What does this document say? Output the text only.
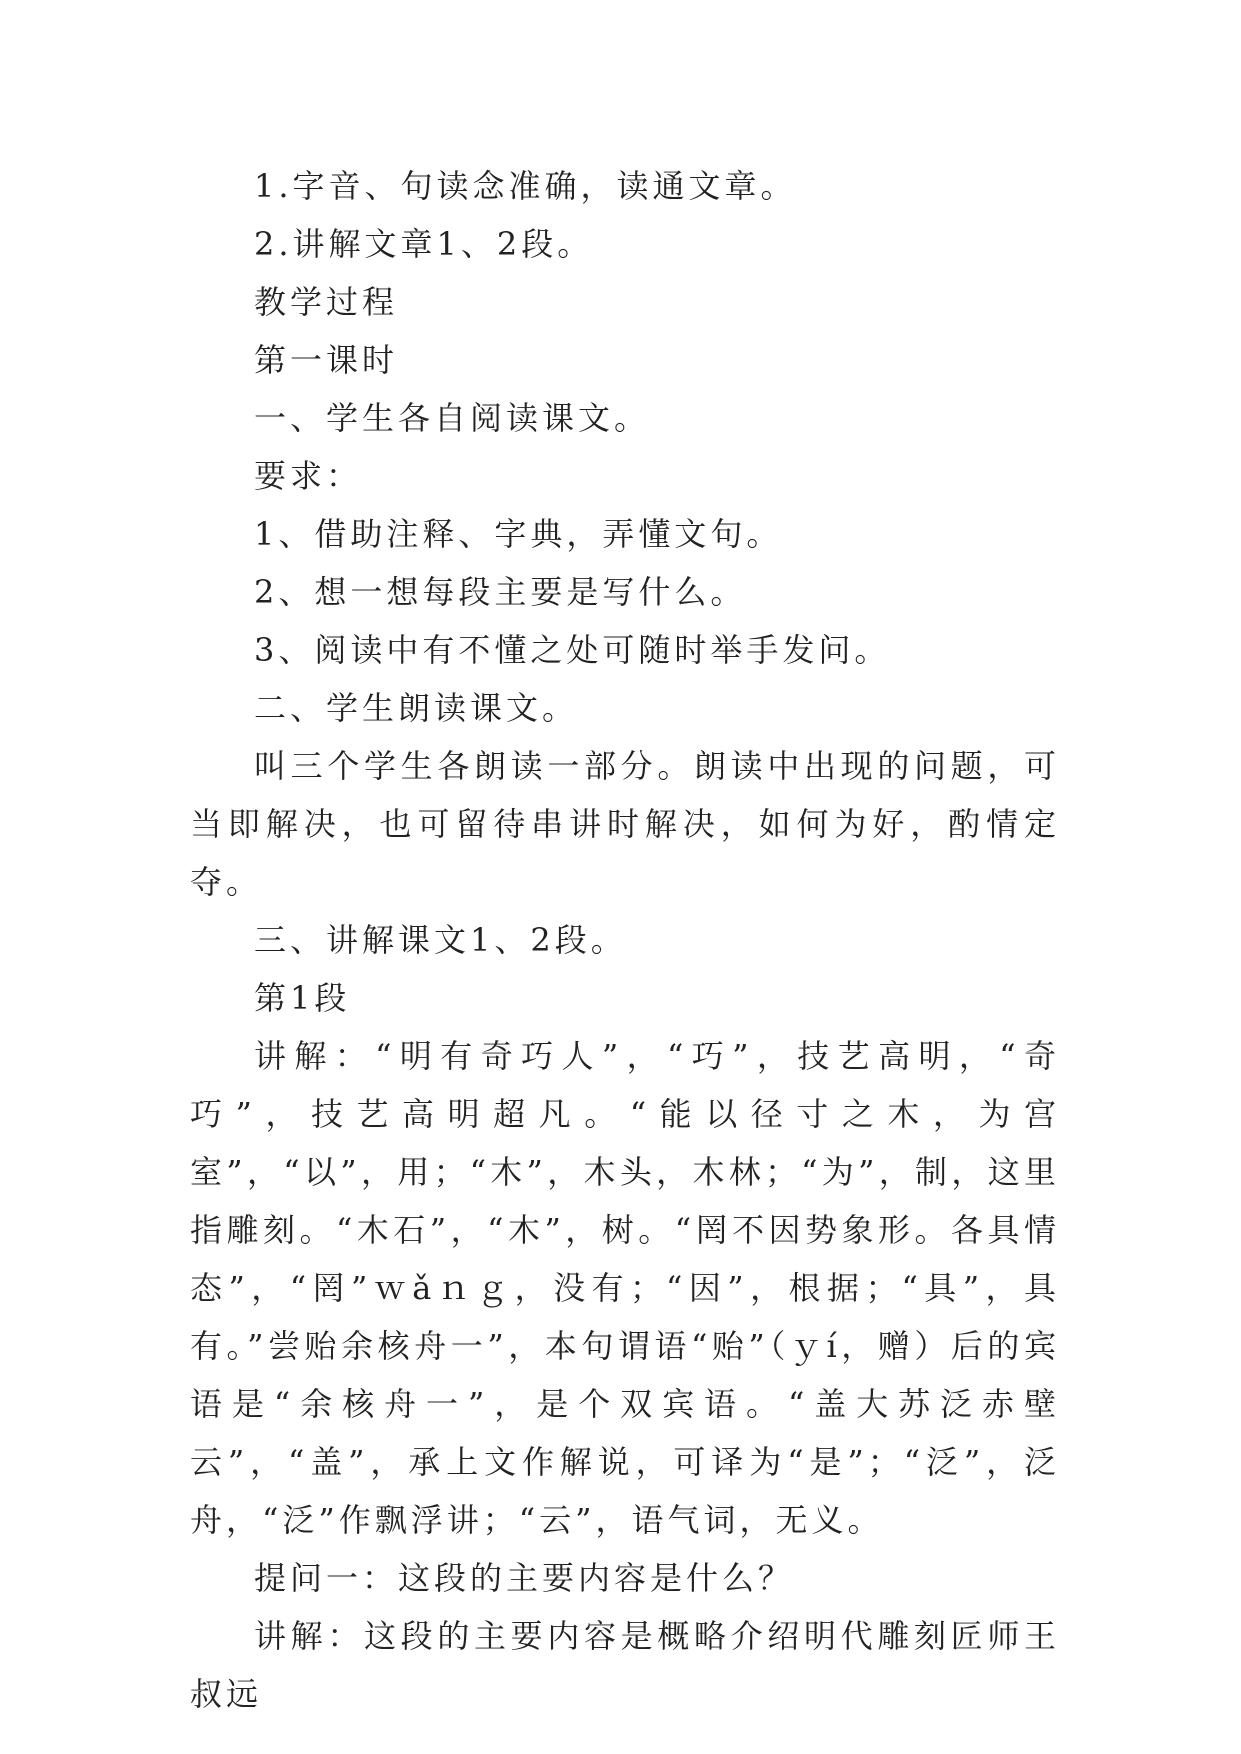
1.字音、句读念准确，读通文章。

2.讲解文章1、2段。

教学过程

第一课时

一、学生各自阅读课文。

要求：

1、借助注释、字典，弄懂文句。

2、想一想每段主要是写什么。

3、阅读中有不懂之处可随时举手发问。

二、学生朗读课文。

叫三个学生各朗读一部分。朗读中出现的问题，可当即解决，也可留待串讲时解决，如何为好，酌情定夺。

三、讲解课文1、2段。

第1段

讲解：“明有奇巧人”，“巧”，技艺高明，“奇巧”，技艺高明超凡。“能以径寸之木，为宫室”，“以”，用；“木”，木头，木林；“为”，制，这里指雕刻。“木石”，“木”，树。“罔不因势象形。各具情态”，“罔”ｗǎｎｇ，没有；“因”，根据；“具”，具有。”尝贻余核舟一”，本句谓语“贻”（ｙí，赠）后的宾语是“余核舟一”，是个双宾语。“盖大苏泛赤壁云”，“盖”，承上文作解说，可译为“是”；“泛”，泛舟，“泛”作飘浮讲；“云”，语气词，无义。

提问一：这段的主要内容是什么？

讲解：这段的主要内容是概略介绍明代雕刻匠师王叔远
